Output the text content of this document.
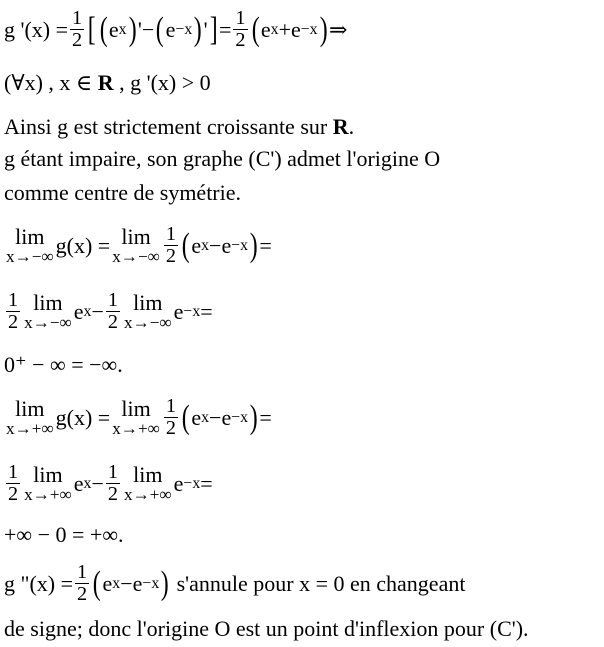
g '$(x) = \frac{1}{2}$ [ ( e x ) ' − ( e −x ) ' ] = $\frac{1}{2}$ ( e x + e −x ) ⇒
(∀x) , x ∈ R , g '(x) > 0
Ainsi g est strictement croissante sur R.
g étant impaire, son graphe (C') admet l'origine O
comme centre de symétrie.
lim
x→−∞ g(x) = lim
$x\to-\infty \frac{1}{2}$ ( e x − e −x ) =
$\frac{1}{2}$ lim
x→−∞ e $x - \frac{1}{2}$ lim
x→−∞ e −x =
0⁺ − ∞ = −∞.
lim
x→+∞ g(x) = lim
$x\to+\infty \frac{1}{2}$ ( e x − e −x ) =
$\frac{1}{2}$ lim
x→+∞ e $x - \frac{1}{2}$ lim
x→+∞ e −x =
+∞ − 0 = +∞.
g "$(x) = \frac{1}{2}$ ( e x − e −x ) s'annule pour x = 0 en changeant
de signe; donc l'origine O est un point d'inflexion pour (C').
